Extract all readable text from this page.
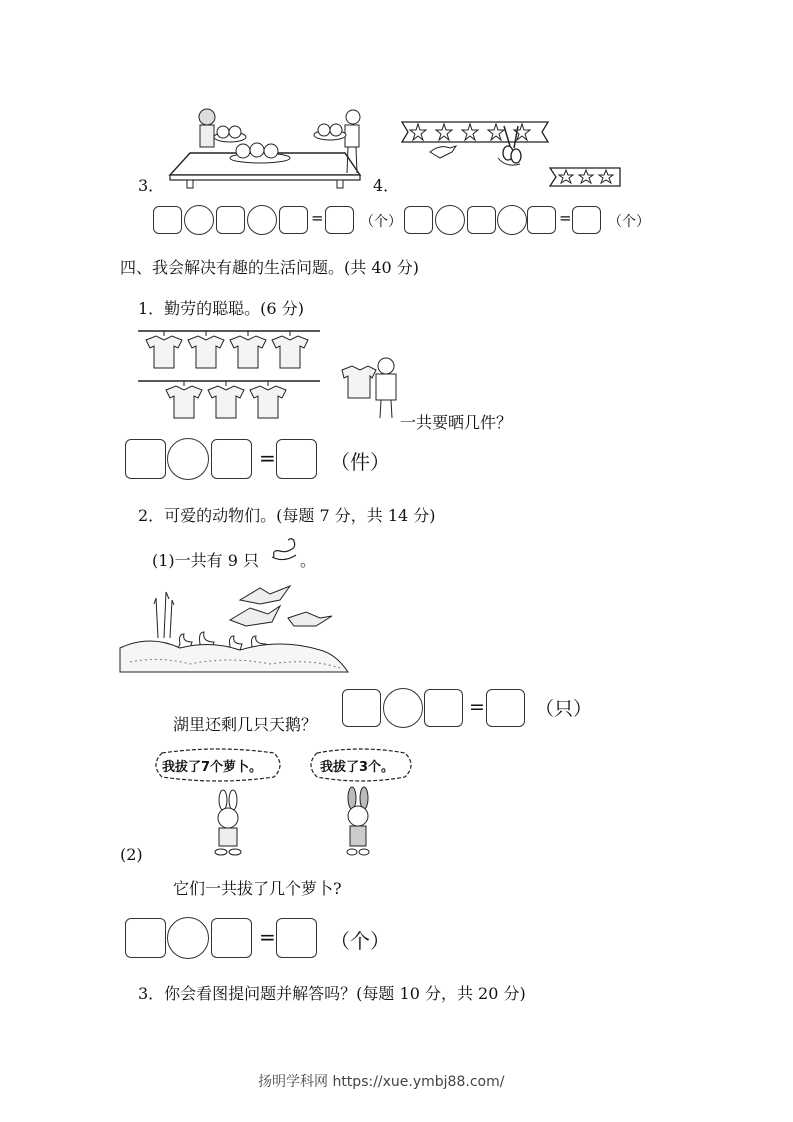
3．	4．
=	（个）	=	（个）
四、我会解决有趣的生活问题。(共 40 分)
1．勤劳的聪聪。(6 分)
一共要晒几件？
=	（件）
2．可爱的动物们。(每题 7 分，共 14 分)
(1)一共有 9 只	。
湖里还剩几只天鹅？
=	（只）
我拔了7个萝卜。	我拔了3个。
(2)
它们一共拔了几个萝卜?
=	（个）
3．你会看图提问题并解答吗？(每题 10 分，共 20 分)
扬明学科网 https://xue.ymbj88.com/
